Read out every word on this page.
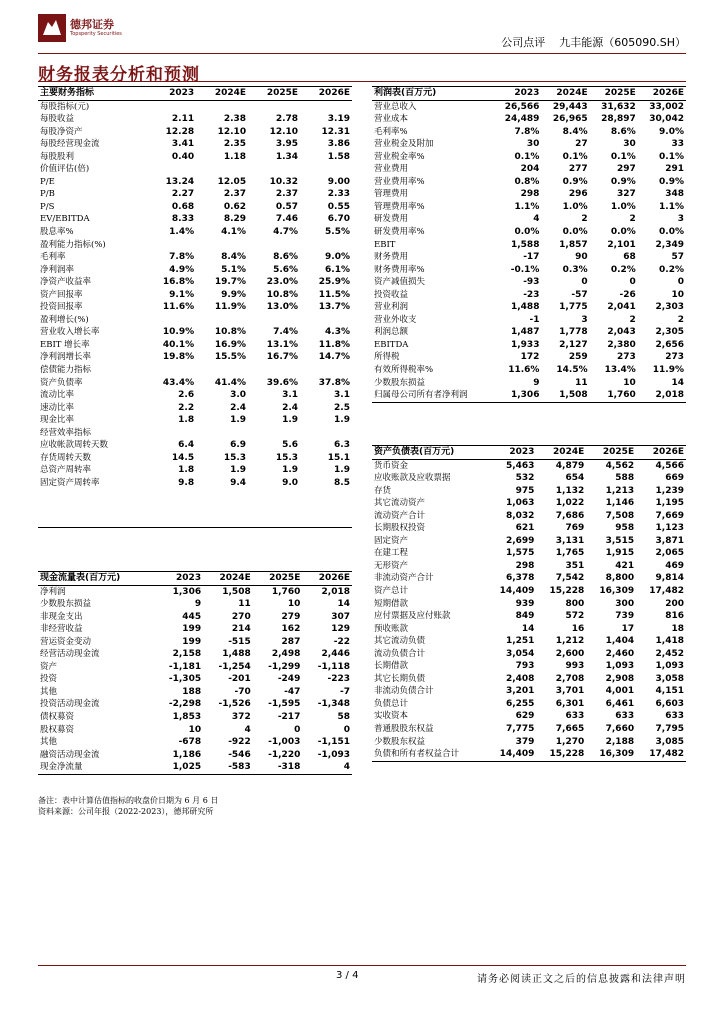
德邦证券
Topsperity Securities
公司点评 九丰能源（605090.SH）
财务报表分析和预测
主要财务指标	2023	2024E	2025E	2026E
每股指标(元)				
每股收益	2.11	2.38	2.78	3.19
每股净资产	12.28	12.10	12.10	12.31
每股经营现金流	3.41	2.35	3.95	3.86
每股股利	0.40	1.18	1.34	1.58
价值评估(倍)				
P/E	13.24	12.05	10.32	9.00
P/B	2.27	2.37	2.37	2.33
P/S	0.68	0.62	0.57	0.55
EV/EBITDA	8.33	8.29	7.46	6.70
股息率%	1.4%	4.1%	4.7%	5.5%
盈利能力指标(%)				
毛利率	7.8%	8.4%	8.6%	9.0%
净利润率	4.9%	5.1%	5.6%	6.1%
净资产收益率	16.8%	19.7%	23.0%	25.9%
资产回报率	9.1%	9.9%	10.8%	11.5%
投资回报率	11.6%	11.9%	13.0%	13.7%
盈利增长(%)				
营业收入增长率	10.9%	10.8%	7.4%	4.3%
EBIT 增长率	40.1%	16.9%	13.1%	11.8%
净利润增长率	19.8%	15.5%	16.7%	14.7%
偿债能力指标				
资产负债率	43.4%	41.4%	39.6%	37.8%
流动比率	2.6	3.0	3.1	3.1
速动比率	2.2	2.4	2.4	2.5
现金比率	1.8	1.9	1.9	1.9
经营效率指标				
应收帐款周转天数	6.4	6.9	5.6	6.3
存货周转天数	14.5	15.3	15.3	15.1
总资产周转率	1.8	1.9	1.9	1.9
固定资产周转率	9.8	9.4	9.0	8.5

利润表(百万元)	2023	2024E	2025E	2026E
营业总收入	26,566	29,443	31,632	33,002
营业成本	24,489	26,965	28,897	30,042
毛利率%	7.8%	8.4%	8.6%	9.0%
营业税金及附加	30	27	30	33
营业税金率%	0.1%	0.1%	0.1%	0.1%
营业费用	204	277	297	291
营业费用率%	0.8%	0.9%	0.9%	0.9%
管理费用	298	296	327	348
管理费用率%	1.1%	1.0%	1.0%	1.1%
研发费用	4	2	2	3
研发费用率%	0.0%	0.0%	0.0%	0.0%
EBIT	1,588	1,857	2,101	2,349
财务费用	-17	90	68	57
财务费用率%	-0.1%	0.3%	0.2%	0.2%
资产减值损失	-93	0	0	0
投资收益	-23	-57	-26	10
营业利润	1,488	1,775	2,041	2,303
营业外收支	-1	3	2	2
利润总额	1,487	1,778	2,043	2,305
EBITDA	1,933	2,127	2,380	2,656
所得税	172	259	273	273
有效所得税率%	11.6%	14.5%	13.4%	11.9%
少数股东损益	9	11	10	14
归属母公司所有者净利润	1,306	1,508	1,760	2,018
资产负债表(百万元)	2023	2024E	2025E	2026E
货币资金	5,463	4,879	4,562	4,566
应收账款及应收票据	532	654	588	669
存货	975	1,132	1,213	1,239
其它流动资产	1,063	1,022	1,146	1,195
流动资产合计	8,032	7,686	7,508	7,669
长期股权投资	621	769	958	1,123
固定资产	2,699	3,131	3,515	3,871
在建工程	1,575	1,765	1,915	2,065
无形资产	298	351	421	469
非流动资产合计	6,378	7,542	8,800	9,814
资产总计	14,409	15,228	16,309	17,482
短期借款	939	800	300	200
应付票据及应付账款	849	572	739	816
预收账款	14	16	17	18
其它流动负债	1,251	1,212	1,404	1,418
流动负债合计	3,054	2,600	2,460	2,452
长期借款	793	993	1,093	1,093
其它长期负债	2,408	2,708	2,908	3,058
非流动负债合计	3,201	3,701	4,001	4,151
负债总计	6,255	6,301	6,461	6,603
实收资本	629	633	633	633
普通股股东权益	7,775	7,665	7,660	7,795
少数股东权益	379	1,270	2,188	3,085
负债和所有者权益合计	14,409	15,228	16,309	17,482
现金流量表(百万元)	2023	2024E	2025E	2026E
净利润	1,306	1,508	1,760	2,018
少数股东损益	9	11	10	14
非现金支出	445	270	279	307
非经营收益	199	214	162	129
营运资金变动	199	-515	287	-22
经营活动现金流	2,158	1,488	2,498	2,446
资产	-1,181	-1,254	-1,299	-1,118
投资	-1,305	-201	-249	-223
其他	188	-70	-47	-7
投资活动现金流	-2,298	-1,526	-1,595	-1,348
债权募资	1,853	372	-217	58
股权募资	10	4	0	0
其他	-678	-922	-1,003	-1,151
融资活动现金流	1,186	-546	-1,220	-1,093
现金净流量	1,025	-583	-318	4
备注：表中计算估值指标的收盘价日期为 6 月 6 日
资料来源：公司年报（2022-2023），德邦研究所
3 / 4	请务必阅读正文之后的信息披露和法律声明
